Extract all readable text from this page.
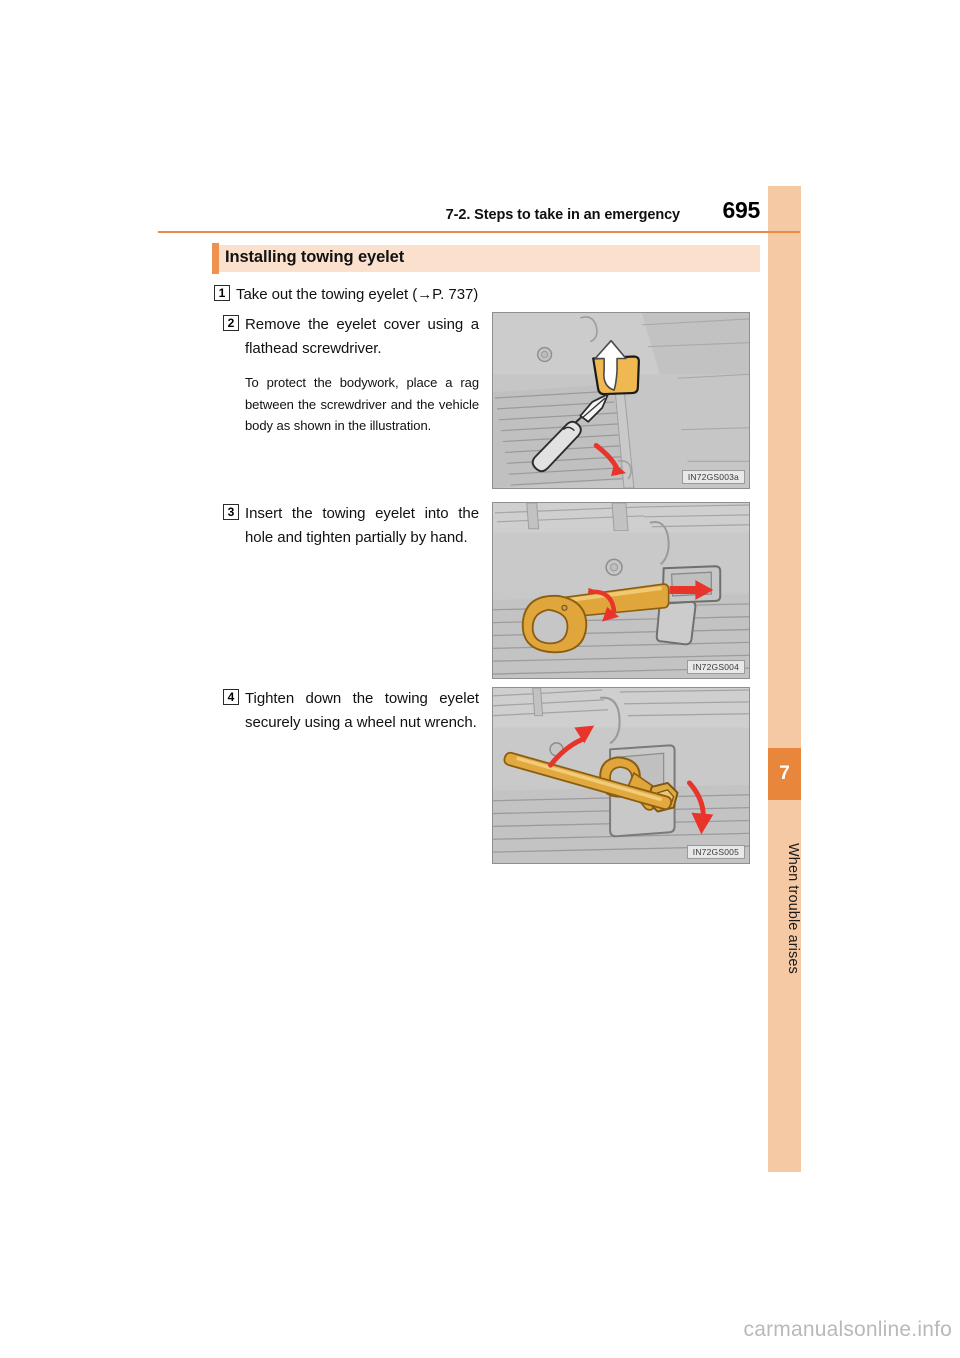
7
When trouble arises
7-2. Steps to take in an emergency	695
Installing towing eyelet
1 Take out the towing eyelet (→P. 737)
2 Remove the eyelet cover using a flathead screwdriver.
To protect the bodywork, place a rag between the screwdriver and the vehicle body as shown in the illustration.
IN72GS003a
3 Insert the towing eyelet into the hole and tighten partially by hand.
IN72GS004
4 Tighten down the towing eyelet securely using a wheel nut wrench.
IN72GS005
carmanualsonline.info
